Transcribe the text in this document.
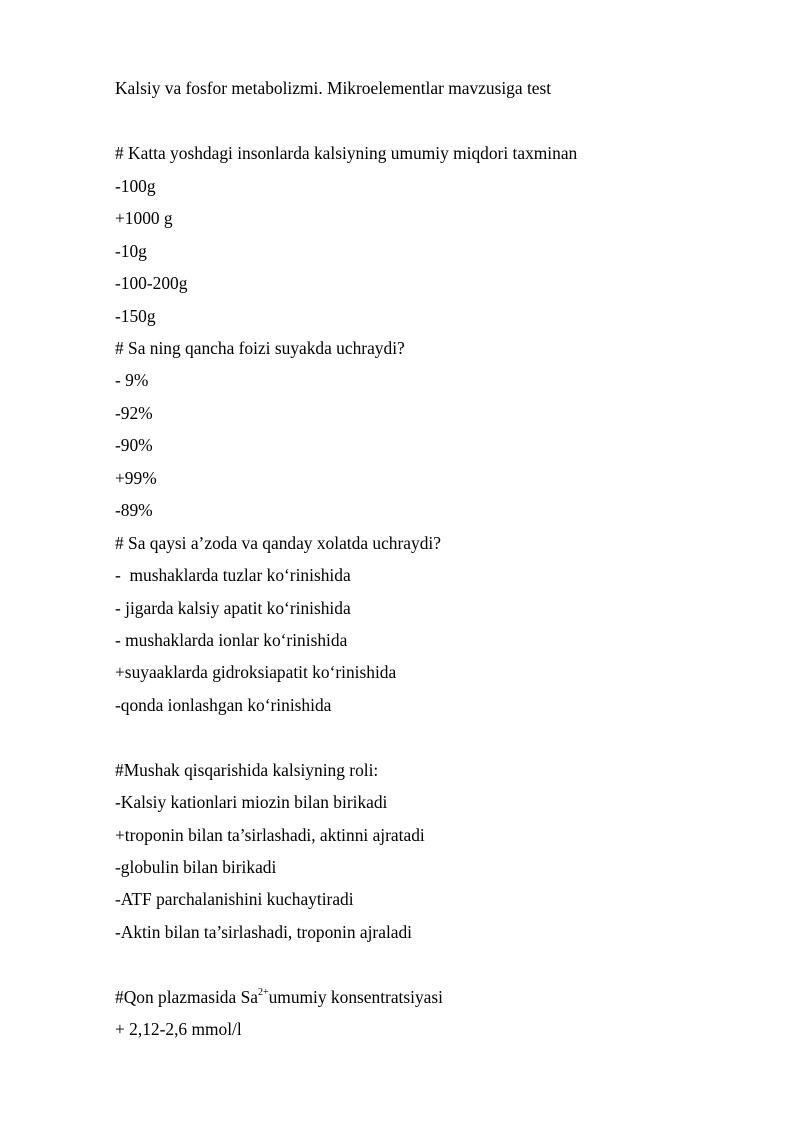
Kalsiy va fosfor metabolizmi. Mikroelementlar mavzusiga test
# Katta yoshdagi insonlarda kalsiyning umumiy miqdori taxminan
-100g
+1000 g
-10g
-100-200g
-150g
# Sa ning qancha foizi suyakda uchraydi?
- 9%
-92%
-90%
+99%
-89%
# Sa qaysi a’zoda va qanday xolatda uchraydi?
-  mushaklarda tuzlar ko‘rinishida
- jigarda kalsiy apatit ko‘rinishida
- mushaklarda ionlar ko‘rinishida
+suyaaklarda gidroksiapatit ko‘rinishida
-qonda ionlashgan ko‘rinishida
#Mushak qisqarishida kalsiyning roli:
-Kalsiy kationlari miozin bilan birikadi
+troponin bilan ta’sirlashadi, aktinni ajratadi
-globulin bilan birikadi
-ATF parchalanishini kuchaytiradi
-Aktin bilan ta’sirlashadi, troponin ajraladi
#Qon plazmasida $Sa^{2+}umumiy$ konsentratsiyasi
+ 2,12-2,6 mmol/l
